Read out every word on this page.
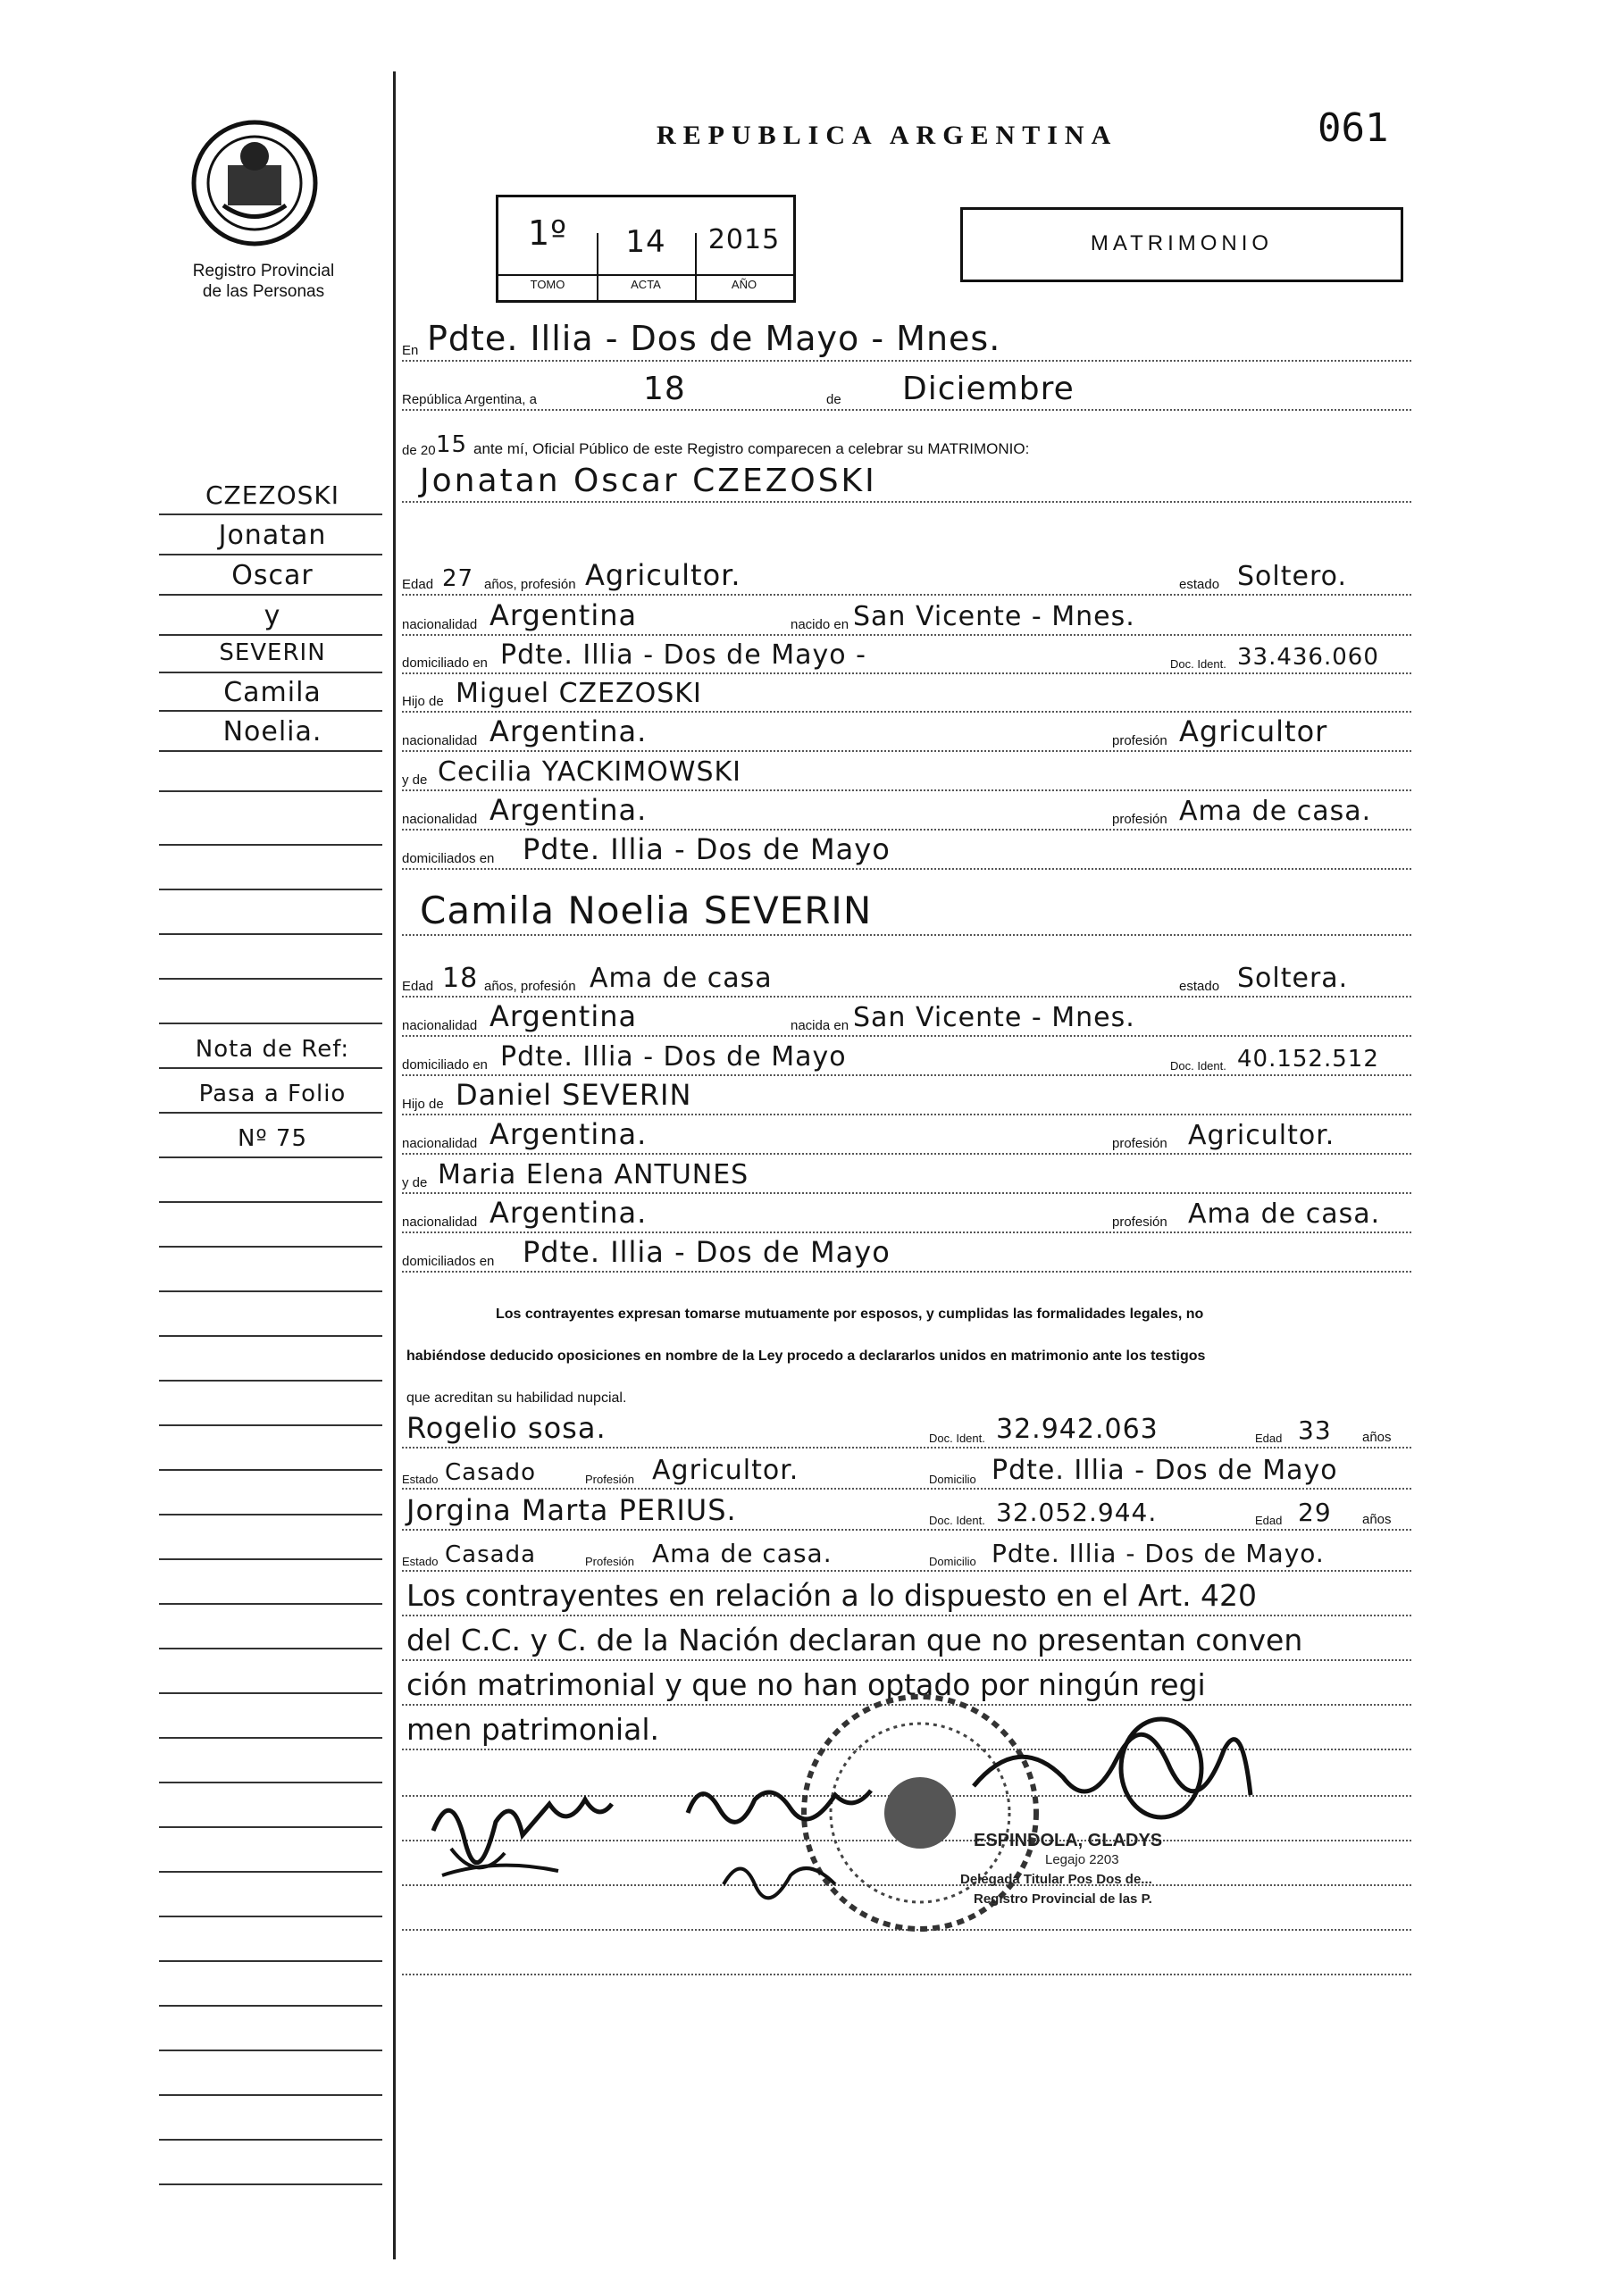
Registro Provincial
de las Personas
REPUBLICA ARGENTINA	061
1º	14	2015
TOMO	ACTA	AÑO
MATRIMONIO
CZEZOSKI
Jonatan
Oscar
y
SEVERIN
Camila
Noelia.
Nota de Ref:
Pasa a Folio
Nº 75
En Pdte. Illia - Dos de Mayo - Mnes.
República Argentina, a	18	de Diciembre
de 20 15 ante mí, Oficial Público de este Registro comparecen a celebrar su MATRIMONIO:
Jonatan Oscar CZEZOSKI
Edad 27 años, profesión Agricultor.	estado Soltero.
nacionalidad Argentina	nacido en San Vicente - Mnes.
domiciliado en Pdte. Illia - Dos de Mayo -	Doc. Ident. 33.436.060
Hijo de Miguel CZEZOSKI
nacionalidad Argentina.	profesión Agricultor
y de Cecilia YACKIMOWSKI
nacionalidad Argentina.	profesión Ama de casa.
domiciliados en Pdte. Illia - Dos de Mayo
Camila Noelia SEVERIN
Edad 18 años, profesión Ama de casa	estado Soltera.
nacionalidad Argentina	nacida en San Vicente - Mnes.
domiciliado en Pdte. Illia - Dos de Mayo	Doc. Ident. 40.152.512
Hijo de Daniel SEVERIN
nacionalidad Argentina.	profesión Agricultor.
y de Maria Elena ANTUNES
nacionalidad Argentina.	profesión Ama de casa.
domiciliados en Pdte. Illia - Dos de Mayo
Los contrayentes expresan tomarse mutuamente por esposos, y cumplidas las formalidades legales, no
habiéndose deducido oposiciones en nombre de la Ley procedo a declararlos unidos en matrimonio ante los testigos
que acreditan su habilidad nupcial.
Rogelio sosa.	Doc. Ident. 32.942.063	Edad 33 años
Estado Casado	Profesión Agricultor.	Domicilio Pdte. Illia - Dos de Mayo
Jorgina Marta PERIUS.	Doc. Ident. 32.052.944.	Edad 29 años
Estado Casada	Profesión Ama de casa.	Domicilio Pdte. Illia - Dos de Mayo.
Los contrayentes en relación a lo dispuesto en el Art. 420
del C.C. y C. de la Nación declaran que no presentan conven
ción matrimonial y que no han optado por ningún regi
men patrimonial.
ESPINDOLA, GLADYS
Legajo 2203
Delegada Titular Pos Dos de...
Registro Provincial de las P.
